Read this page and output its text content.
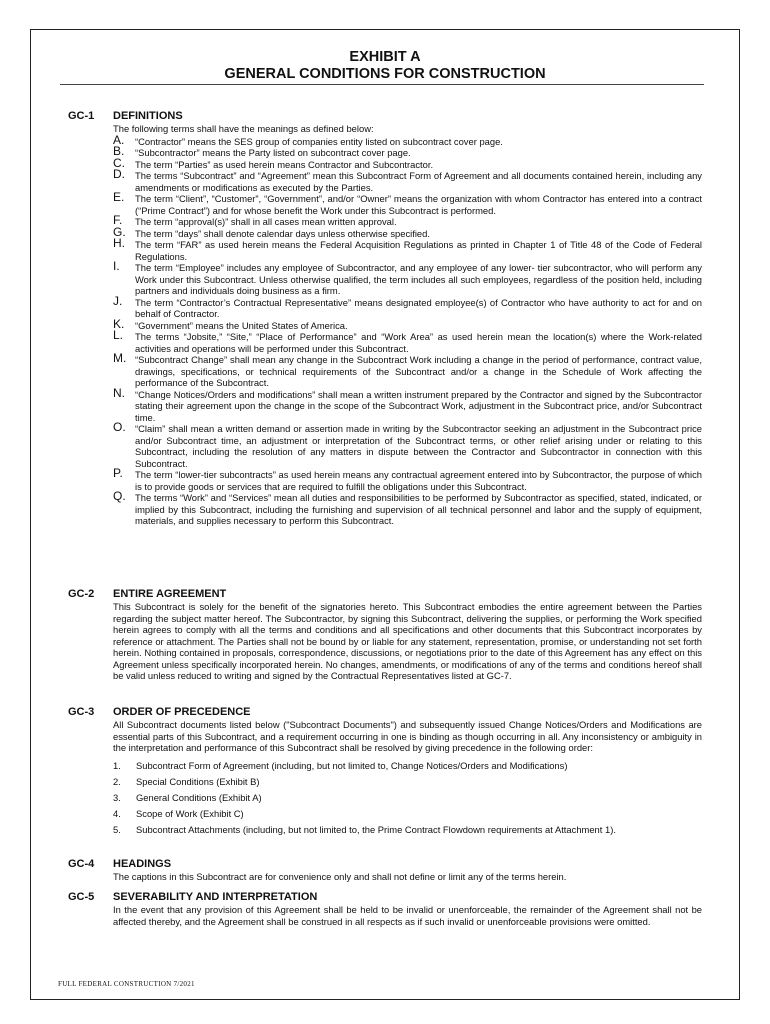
EXHIBIT A
GENERAL CONDITIONS FOR CONSTRUCTION
GC-1 DEFINITIONS
The following terms shall have the meanings as defined below:
A. “Contractor” means the SES group of companies entity listed on subcontract cover page.
B. “Subcontractor” means the Party listed on subcontract cover page.
C. The term “Parties” as used herein means Contractor and Subcontractor.
D. The terms “Subcontract” and “Agreement” mean this Subcontract Form of Agreement and all documents contained herein, including any amendments or modifications as executed by the Parties.
E. The term “Client”, “Customer”, “Government”, and/or “Owner” means the organization with whom Contractor has entered into a contract (“Prime Contract”) and for whose benefit the Work under this Subcontract is performed.
F. The term “approval(s)” shall in all cases mean written approval.
G. The term “days” shall denote calendar days unless otherwise specified.
H. The term “FAR” as used herein means the Federal Acquisition Regulations as printed in Chapter 1 of Title 48 of the Code of Federal Regulations.
I. The term “Employee” includes any employee of Subcontractor, and any employee of any lower- tier subcontractor, who will perform any Work under this Subcontract. Unless otherwise qualified, the term includes all such employees, regardless of the position held, including partners and individuals doing business as a firm.
J. The term “Contractor’s Contractual Representative” means designated employee(s) of Contractor who have authority to act for and on behalf of Contractor.
K. “Government” means the United States of America.
L. The terms “Jobsite,” “Site,” “Place of Performance” and “Work Area” as used herein mean the location(s) where the Work-related activities and operations will be performed under this Subcontract.
M. “Subcontract Change” shall mean any change in the Subcontract Work including a change in the period of performance, contract value, drawings, specifications, or technical requirements of the Subcontract and/or a change in the Schedule of Work affecting the performance of the Subcontract.
N. “Change Notices/Orders and modifications” shall mean a written instrument prepared by the Contractor and signed by the Subcontractor stating their agreement upon the change in the scope of the Subcontract Work, adjustment in the Subcontract price, and/or Subcontract time.
O. “Claim” shall mean a written demand or assertion made in writing by the Subcontractor seeking an adjustment in the Subcontract price and/or Subcontract time, an adjustment or interpretation of the Subcontract terms, or other relief arising under or relating to this Subcontract, including the resolution of any matters in dispute between the Contractor and Subcontractor in connection with this Subcontract.
P. The term “lower-tier subcontracts” as used herein means any contractual agreement entered into by Subcontractor, the purpose of which is to provide goods or services that are required to fulfill the obligations under this Subcontract.
Q. The terms “Work” and “Services” mean all duties and responsibilities to be performed by Subcontractor as specified, stated, indicated, or implied by this Subcontract, including the furnishing and supervision of all technical personnel and labor and the supply of equipment, materials, and supplies necessary to perform this Subcontract.
GC-2 ENTIRE AGREEMENT
This Subcontract is solely for the benefit of the signatories hereto. This Subcontract embodies the entire agreement between the Parties regarding the subject matter hereof. The Subcontractor, by signing this Subcontract, delivering the supplies, or performing the Work specified herein agrees to comply with all the terms and conditions and all specifications and other documents that this Subcontract incorporates by reference or attachment. The Parties shall not be bound by or liable for any statement, representation, promise, or understanding not set forth herein. Nothing contained in proposals, correspondence, discussions, or negotiations prior to the date of this Agreement has any effect on this Agreement unless specifically incorporated herein. No changes, amendments, or modifications of any of the terms and conditions hereof shall be valid unless reduced to writing and signed by the Contractual Representatives listed at GC-7.
GC-3 ORDER OF PRECEDENCE
All Subcontract documents listed below ("Subcontract Documents") and subsequently issued Change Notices/Orders and Modifications are essential parts of this Subcontract, and a requirement occurring in one is binding as though occurring in all. Any inconsistency or ambiguity in the interpretation and performance of this Subcontract shall be resolved by giving precedence in the following order:
1. Subcontract Form of Agreement (including, but not limited to, Change Notices/Orders and Modifications)
2. Special Conditions (Exhibit B)
3. General Conditions (Exhibit A)
4. Scope of Work (Exhibit C)
5. Subcontract Attachments (including, but not limited to, the Prime Contract Flowdown requirements at Attachment 1).
GC-4 HEADINGS
The captions in this Subcontract are for convenience only and shall not define or limit any of the terms herein.
GC-5 SEVERABILITY AND INTERPRETATION
In the event that any provision of this Agreement shall be held to be invalid or unenforceable, the remainder of the Agreement shall not be affected thereby, and the Agreement shall be construed in all respects as if such invalid or unenforceable provisions were omitted.
FULL FEDERAL CONSTRUCTION 7/2021
